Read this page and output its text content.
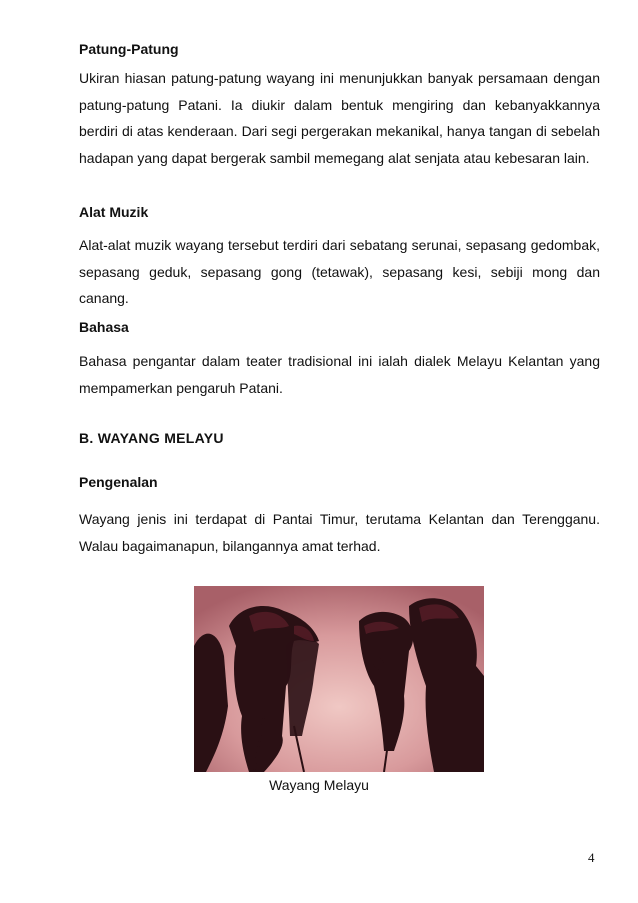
Patung-Patung
Ukiran hiasan patung-patung wayang ini menunjukkan banyak persamaan dengan patung-patung Patani. Ia diukir dalam bentuk mengiring dan kebanyakkannya berdiri di atas kenderaan. Dari segi pergerakan mekanikal, hanya tangan di sebelah hadapan yang dapat bergerak sambil memegang alat senjata atau kebesaran lain.
Alat Muzik
Alat-alat muzik wayang tersebut terdiri dari sebatang serunai, sepasang gedombak, sepasang geduk, sepasang gong (tetawak), sepasang kesi, sebiji mong dan canang.
Bahasa
Bahasa pengantar dalam teater tradisional ini ialah dialek Melayu Kelantan yang mempamerkan pengaruh Patani.
B. WAYANG MELAYU
Pengenalan
Wayang jenis ini terdapat di Pantai Timur, terutama Kelantan dan Terengganu. Walau bagaimanapun, bilangannya amat terhad.
Wayang Melayu
4
